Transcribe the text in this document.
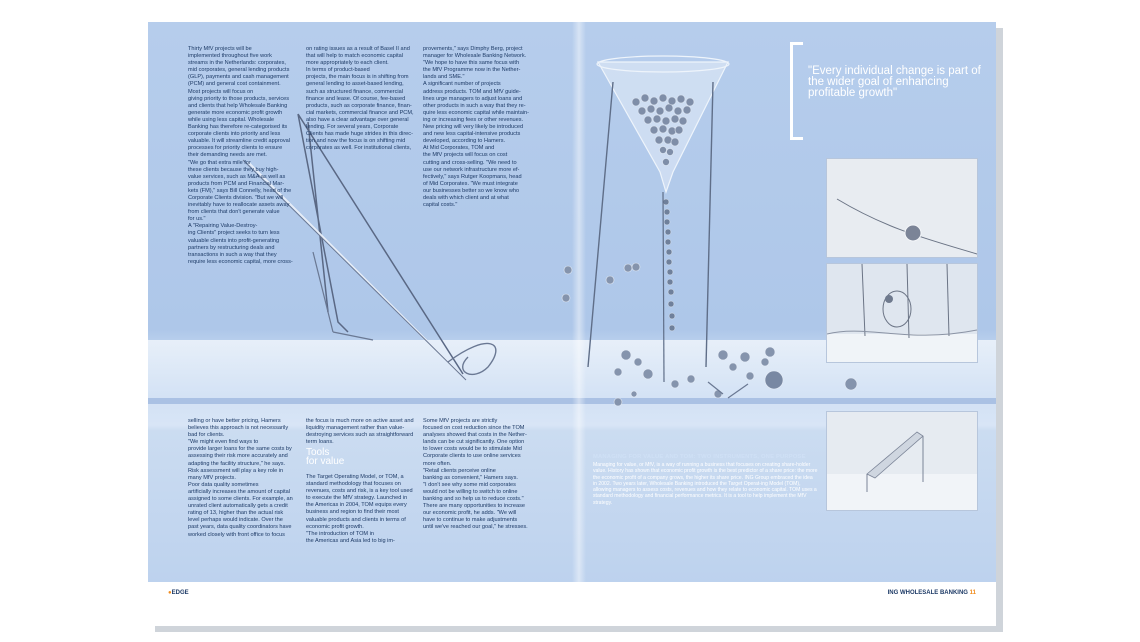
Thirty MfV projects will be
implemented throughout five work
streams in the Netherlands: corporates,
mid corporates, general lending products
(GLP), payments and cash management
(PCM) and general cost containment.
Most projects will focus on
giving priority to those products, services
and clients that help Wholesale Banking
generate more economic profit growth
while using less capital. Wholesale
Banking has therefore re-categorised its
corporate clients into priority and less
valuable. It will streamline credit approval
processes for priority clients to ensure
their demanding needs are met.
"We go that extra mile for
these clients because they buy high-
value services, such as M&A as well as
products from PCM and Financial Mar-
kets (FM)," says Bill Connelly, head of the
Corporate Clients division. "But we will
inevitably have to reallocate assets away
from clients that don't generate value
for us."
A "Repairing Value-Destroy-
ing Clients" project seeks to turn less
valuable clients into profit-generating
partners by restructuring deals and
transactions in such a way that they
require less economic capital, more cross-
on rating issues as a result of Basel II and
that will help to match economic capital
more appropriately to each client.
In terms of product-based
projects, the main focus is in shifting from
general lending to asset-based lending,
such as structured finance, commercial
finance and lease. Of course, fee-based
products, such as corporate finance, finan-
cial markets, commercial finance and PCM,
also have a clear advantage over general
lending. For several years, Corporate
Clients has made huge strides in this direc-
tion and now the focus is on shifting mid
corporates as well. For institutional clients,
provements," says Dimphy Berg, project
manager for Wholesale Banking Network.
"We hope to have this same focus with
the MfV Programme now in the Nether-
lands and SME."
A significant number of projects
address products. TOM and MfV guide-
lines urge managers to adjust loans and
other products in such a way that they re-
quire less economic capital while maintain-
ing or increasing fees or other revenues.
New pricing will very likely be introduced
and new less capital-intensive products
developed, according to Hamers.
At Mid Corporates, TOM and
the MfV projects will focus on cost
cutting and cross-selling. "We need to
use our network infrastructure more ef-
fectively," says Rutger Koopmans, head
of Mid Corporates. "We must integrate
our businesses better so we know who
deals with which client and at what
capital costs."
selling or have better pricing, Hamers
believes this approach is not necessarily
bad for clients.
"We might even find ways to
provide larger loans for the same costs by
assessing their risk more accurately and
adapting the facility structure," he says.
Risk assessment will play a key role in
many MfV projects.
Poor data quality sometimes
artificially increases the amount of capital
assigned to some clients. For example, an
unrated client automatically gets a credit
rating of 13, higher than the actual risk
level perhaps would indicate. Over the
past years, data quality coordinators have
worked closely with front office to focus
the focus is much more on active asset and
liquidity management rather than value-
destroying services such as straightforward
term loans.
Tools
for value
The Target Operating Model, or TOM, a
standard methodology that focuses on
revenues, costs and risk, is a key tool used
to execute the MfV strategy. Launched in
the Americas in 2004, TOM equips every
business and region to find their most
valuable products and clients in terms of
economic profit growth.
"The introduction of TOM in
the Americas and Asia led to big im-
Some MfV projects are strictly
focused on cost reduction since the TOM
analyses showed that costs in the Nether-
lands can be cut significantly. One option
to lower costs would be to stimulate Mid
Corporate clients to use online services
more often.
"Retail clients perceive online
banking as convenient," Hamers says.
"I don't see why some mid corporates
would not be willing to switch to online
banking and so help us to reduce costs."
There are many opportunities to increase
our economic profit, he adds. "We will
have to continue to make adjustments
until we've reached our goal," he stresses.
"Every individual change is part of the wider goal of enhancing profitable growth"
MANAGING FOR VALUE AND TOM: TWO INSTRUMENTS, ONE PURPOSE
Managing for value, or MfV, is a way of running a business that focuses on creating share-holder value. History has shown that economic profit growth is the best predictor of a share price: the more the economic profit of a company grows, the higher its share price. ING Group embraced the idea in 2002. Two years later, Wholesale Banking introduced the Target Operat-ing Model (TOM), allowing managers to assess costs, revenues and how they relate to economic capital. TOM uses a standard methodology and financial performance metrics. It is a tool to help implement the MfV strategy.
●EDGE	ING WHOLESALE BANKING 11
